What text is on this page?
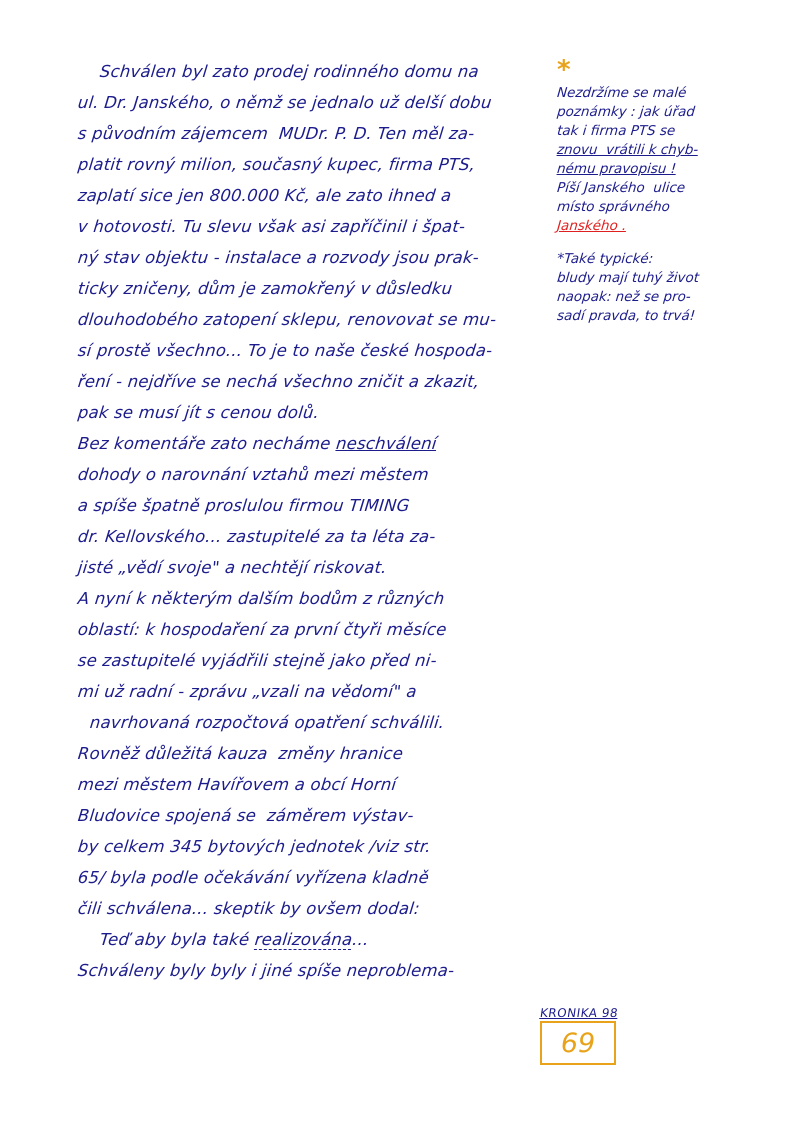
Schválen byl zato prodej rodinného domu na
ul. Dr. Janského, o němž se jednalo už delší dobu
s původním zájemcem  MUDr. P. D. Ten měl za-
platit rovný milion, současný kupec, firma PTS,
zaplatí sice jen 800.000 Kč, ale zato ihned a
v hotovosti. Tu slevu však asi zapříčinil i špat-
ný stav objektu - instalace a rozvody jsou prak-
ticky zničeny, dům je zamokřený v důsledku
dlouhodobého zatopení sklepu, renovovat se mu-
sí prostě všechno... To je to naše české hospoda-
ření - nejdříve se nechá všechno zničit a zkazit,
pak se musí jít s cenou dolů.
Bez komentáře zato necháme neschválení
dohody o narovnání vztahů mezi městem
a spíše špatně proslulou firmou TIMING
dr. Kellovského... zastupitelé za ta léta za-
jisté „vědí svoje" a nechtějí riskovat.
A nyní k některým dalším bodům z různých
oblastí: k hospodaření za první čtyři měsíce
se zastupitelé vyjádřili stejně jako před ni-
mi už radní - zprávu „vzali na vědomí" a
navrhovaná rozpočtová opatření schválili.
Rovněž důležitá kauza  změny hranice
mezi městem Havířovem a obcí Horní
Bludovice spojená se  záměrem výstav-
by celkem 345 bytových jednotek /viz str.
65/ byla podle očekávání vyřízena kladně
čili schválena... skeptik by ovšem dodal:
Teď aby byla také realizována...
Schváleny byly byly i jiné spíše neproblema-
*
Nezdržíme se malé
poznámky : jak úřad
tak i firma PTS se
znovu  vrátili k chyb-
nému pravopisu !
Píší Janského  ulice
místo správného
Janského .
*Také typické:
bludy mají tuhý život
naopak: než se pro-
sadí pravda, to trvá!
KRONIKA 98
69
